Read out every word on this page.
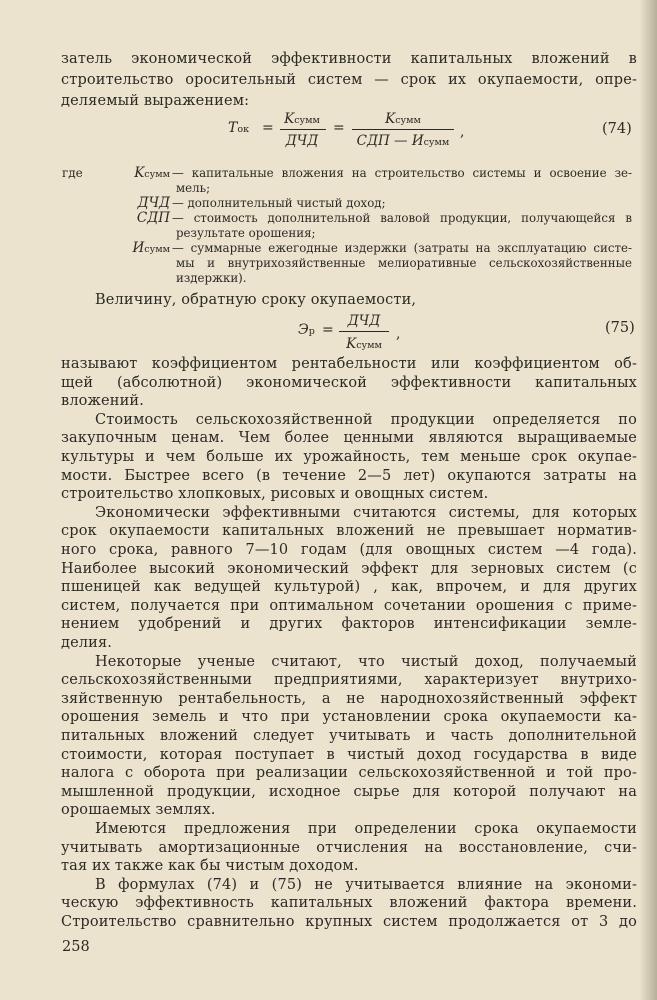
затель экономической эффективности капитальных вложений в
строительство оросительный систем — срок их окупаемости, опре-
деляемый выражением:
Tок =
Kсумм
ДЧД
=
Kсумм
СДП — Исумм
,	(74)
где	Kсумм — капитальные вложения на строительство системы и освоение зе-
мель;
ДЧД — дополнительный чистый доход;
СДП — стоимость дополнительной валовой продукции, получающейся в
результате орошения;
Исумм — суммарные ежегодные издержки (затраты на эксплуатацию систе-
мы и внутрихозяйственные мелиоративные сельскохозяйственные
издержки).
Величину, обратную сроку окупаемости,
Эр =
ДЧД
Kсумм
,	(75)
называют коэффициентом рентабельности или коэффициентом об-
щей (абсолютной) экономической эффективности капитальных
вложений.
Стоимость сельскохозяйственной продукции определяется по
закупочным ценам. Чем более ценными являются выращиваемые
культуры и чем больше их урожайность, тем меньше срок окупае-
мости. Быстрее всего (в течение 2—5 лет) окупаются затраты на
строительство хлопковых, рисовых и овощных систем.
Экономически эффективными считаются системы, для которых
срок окупаемости капитальных вложений не превышает норматив-
ного срока, равного 7—10 годам (для овощных систем —4 года).
Наиболее высокий экономический эффект для зерновых систем (с
пшеницей как ведущей культурой) , как, впрочем, и для других
систем, получается при оптимальном сочетании орошения с приме-
нением удобрений и других факторов интенсификации земле-
делия.
Некоторые ученые считают, что чистый доход, получаемый
сельскохозяйственными предприятиями, характеризует внутрихо-
зяйственную рентабельность, а не народнохозяйственный эффект
орошения земель и что при установлении срока окупаемости ка-
питальных вложений следует учитывать и часть дополнительной
стоимости, которая поступает в чистый доход государства в виде
налога с оборота при реализации сельскохозяйственной и той про-
мышленной продукции, исходное сырье для которой получают на
орошаемых землях.
Имеются предложения при определении срока окупаемости
учитывать амортизационные отчисления на восстановление, счи-
тая их также как бы чистым доходом.
В формулах (74) и (75) не учитывается влияние на экономи-
ческую эффективность капитальных вложений фактора времени.
Строительство сравнительно крупных систем продолжается от 3 до
258
